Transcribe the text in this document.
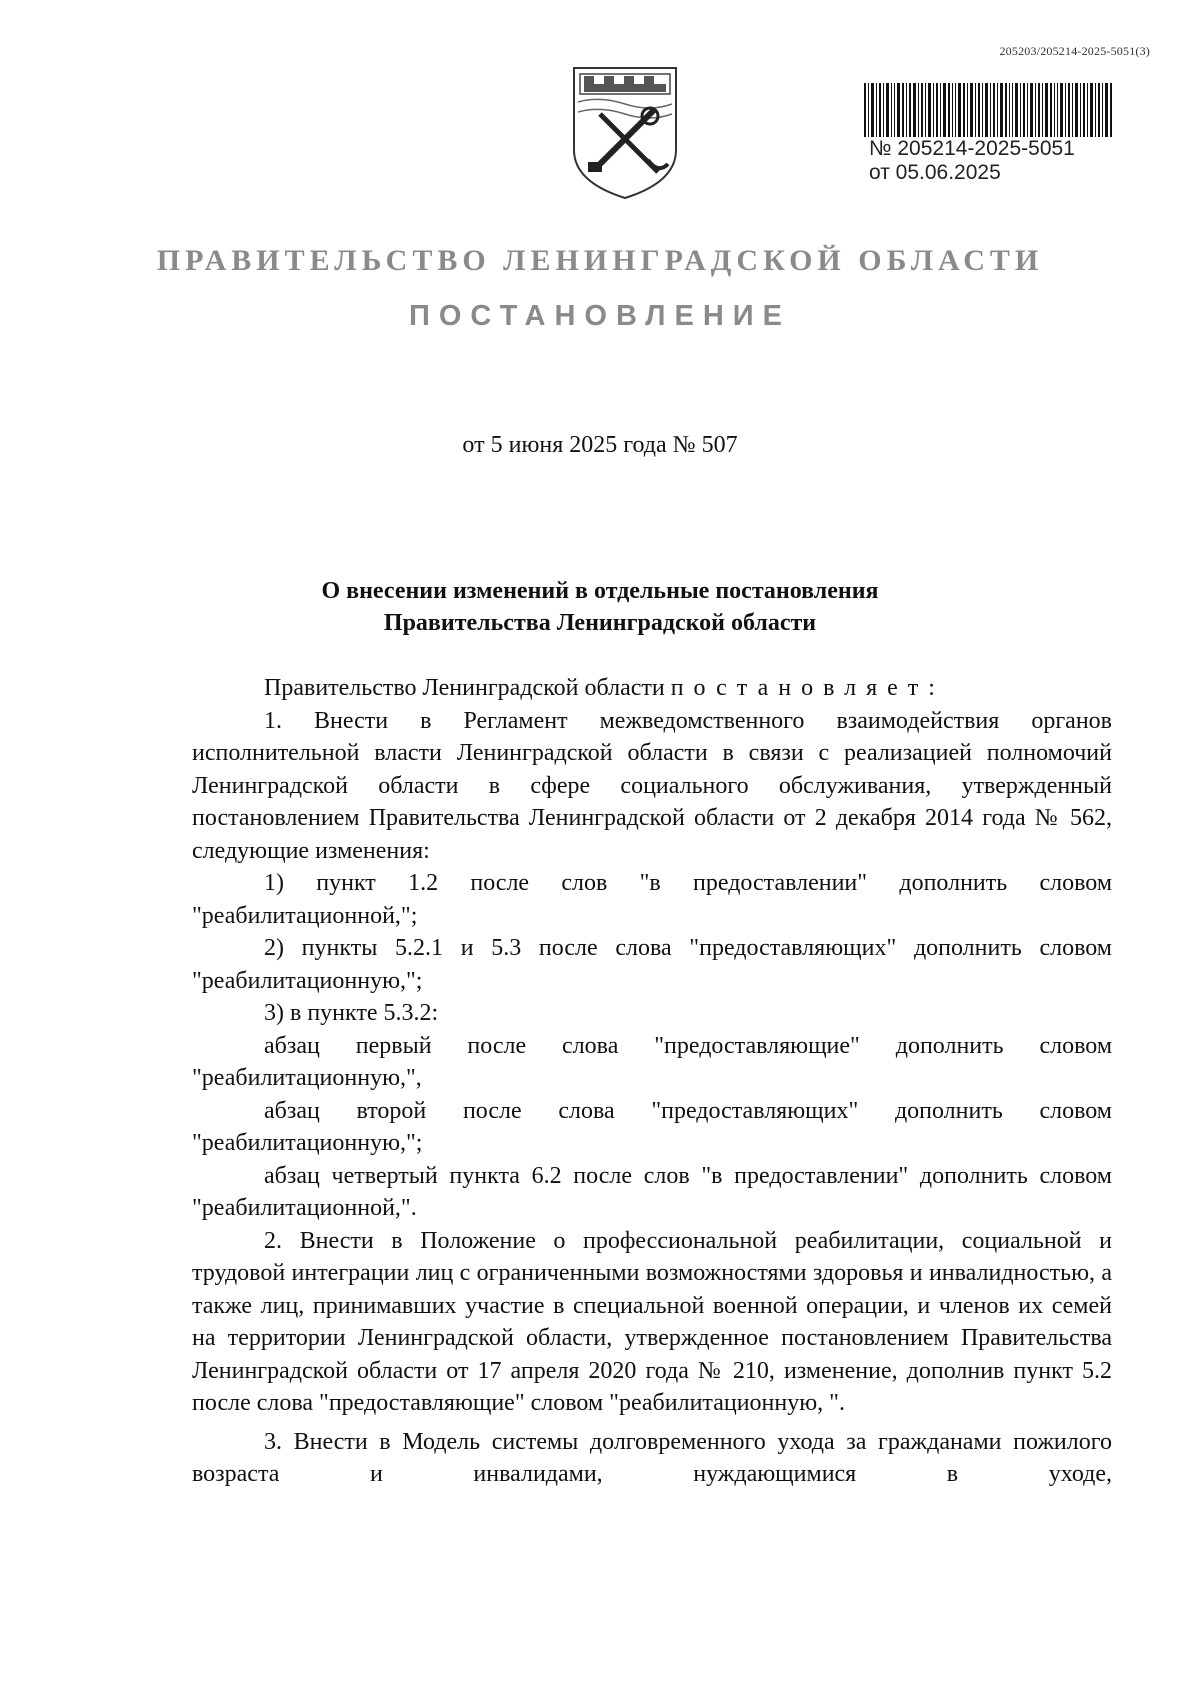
205203/205214-2025-5051(3)
№ 205214-2025-5051
от 05.06.2025
ПРАВИТЕЛЬСТВО ЛЕНИНГРАДСКОЙ ОБЛАСТИ
ПОСТАНОВЛЕНИЕ
от 5 июня 2025 года № 507
О внесении изменений в отдельные постановления
Правительства Ленинградской области

Правительство Ленинградской области постановляет:

1. Внести в Регламент межведомственного взаимодействия органов исполнительной власти Ленинградской области в связи с реализацией полномочий Ленинградской области в сфере социального обслуживания, утвержденный постановлением Правительства Ленинградской области от 2 декабря 2014 года № 562, следующие изменения:

1) пункт 1.2 после слов "в предоставлении" дополнить словом "реабилитационной,";

2) пункты 5.2.1 и 5.3 после слова "предоставляющих" дополнить словом "реабилитационную,";

3) в пункте 5.3.2:

абзац первый после слова "предоставляющие" дополнить словом "реабилитационную,",

абзац второй после слова "предоставляющих" дополнить словом "реабилитационную,";

абзац четвертый пункта 6.2 после слов "в предоставлении" дополнить словом "реабилитационной,".

2. Внести в Положение о профессиональной реабилитации, социальной и трудовой интеграции лиц с ограниченными возможностями здоровья и инвалидностью, а также лиц, принимавших участие в специальной военной операции, и членов их семей на территории Ленинградской области, утвержденное постановлением Правительства Ленинградской области от 17 апреля 2020 года № 210, изменение, дополнив пункт 5.2 после слова "предоставляющие" словом "реабилитационную, ".

3. Внести в Модель системы долговременного ухода за гражданами пожилого возраста и инвалидами, нуждающимися в уходе,
